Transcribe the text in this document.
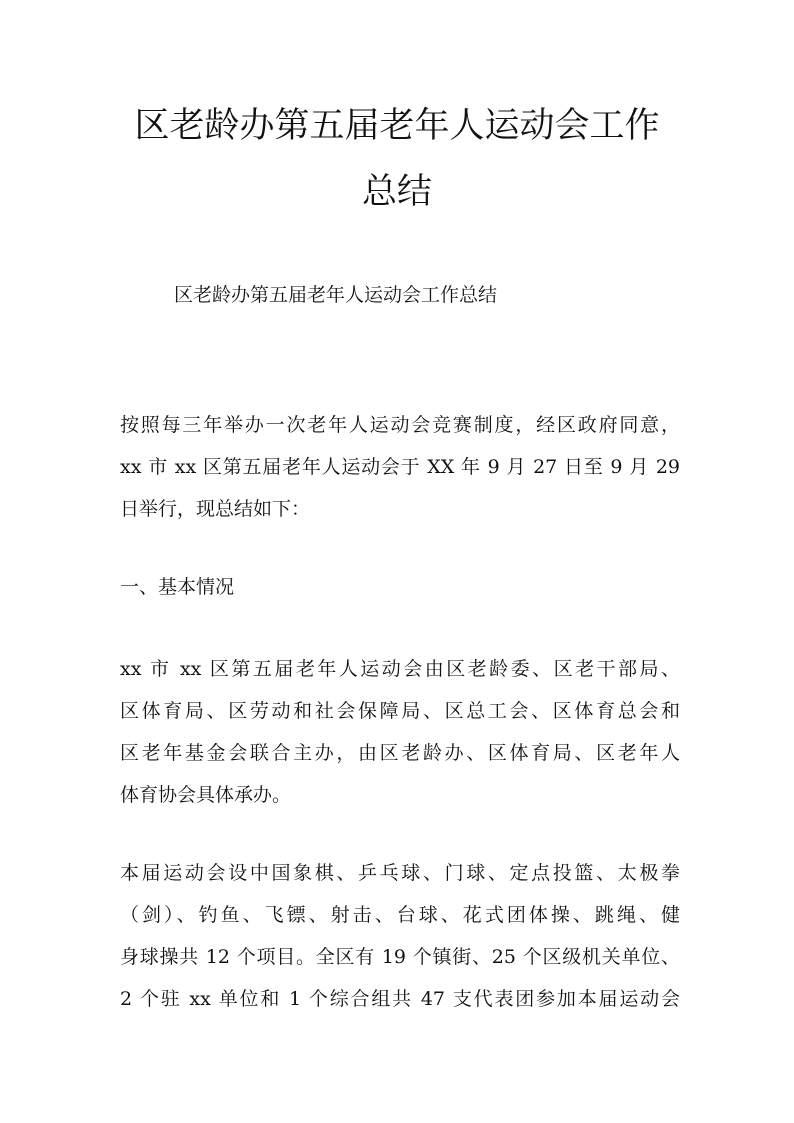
区老龄办第五届老年人运动会工作
总结
区老龄办第五届老年人运动会工作总结
按照每三年举办一次老年人运动会竞赛制度，经区政府同意，
xx 市 xx 区第五届老年人运动会于 XX 年 9 月 27 日至 9 月 29
日举行，现总结如下：
一、基本情况
xx 市 xx 区第五届老年人运动会由区老龄委、区老干部局、
区体育局、区劳动和社会保障局、区总工会、区体育总会和
区老年基金会联合主办，由区老龄办、区体育局、区老年人
体育协会具体承办。
本届运动会设中国象棋、乒乓球、门球、定点投篮、太极拳
（剑）、钓鱼、飞镖、射击、台球、花式团体操、跳绳、健
身球操共 12 个项目。全区有 19 个镇街、25 个区级机关单位、
2 个驻 xx 单位和 1 个综合组共 47 支代表团参加本届运动会
